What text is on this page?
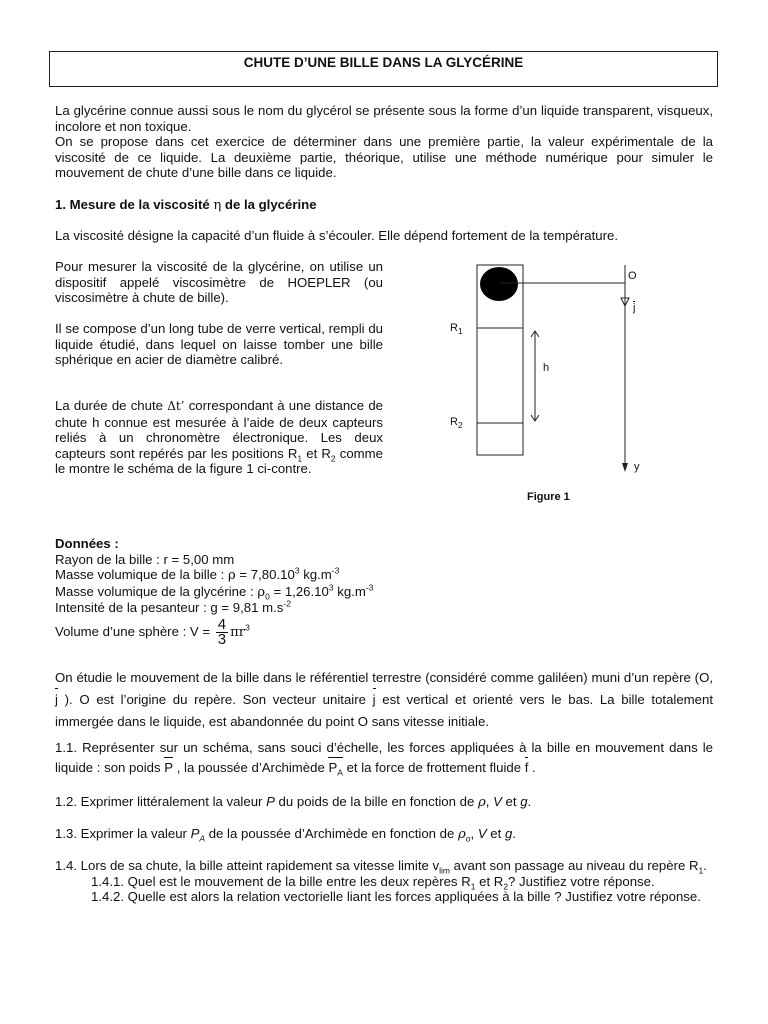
CHUTE D’UNE BILLE DANS LA GLYCÉRINE
La glycérine connue aussi sous le nom du glycérol se présente sous la forme d’un liquide transparent, visqueux, incolore et non toxique.
On se propose dans cet exercice de déterminer dans une première partie, la valeur expérimentale de la viscosité de ce liquide. La deuxième partie, théorique, utilise une méthode numérique pour simuler le mouvement de chute d’une bille dans ce liquide.
1. Mesure de la viscosité η de la glycérine
La viscosité désigne la capacité d’un fluide à s’écouler. Elle dépend fortement de la température.
Pour mesurer la viscosité de la glycérine, on utilise un dispositif appelé viscosimètre de HOEPLER (ou viscosimètre à chute de bille).
Il se compose d’un long tube de verre vertical, rempli du liquide étudié, dans lequel on laisse tomber une bille sphérique en acier de diamètre calibré.
La durée de chute Δt’ correspondant à une distance de chute h connue est mesurée à l’aide de deux capteurs reliés à un chronomètre électronique. Les deux capteurs sont repérés par les positions $R_1$ et $R_2$ comme le montre le schéma de la figure 1 ci-contre.
O
j
$R_1$
h
$R_2$
y
Figure 1
Données :
Rayon de la bille : r = 5,00 mm
Masse volumique de la bille : $\rho = 7,80.10^3$ $kg.m^{-3}$
Masse volumique de la glycérine : $\rho_0 = 1,26.10^3$ $kg.m^{-3}$
Intensité de la pesanteur : g = 9,81 $m.s^{-2}$
Volume d’une sphère : $V = \frac{4}{3} \pi r^3$
On étudie le mouvement de la bille dans le référentiel terrestre (considéré comme galiléen) muni d’un repère (O, j ). O est l’origine du repère. Son vecteur unitaire j est vertical et orienté vers le bas. La bille totalement immergée dans le liquide, est abandonnée du point O sans vitesse initiale.
1.1. Représenter sur un schéma, sans souci d’échelle, les forces appliquées à la bille en mouvement dans le liquide : son poids P , la poussée d’Archimède $P_A$ et la force de frottement fluide f .
1.2. Exprimer littéralement la valeur P du poids de la bille en fonction de ρ, V et g.
1.3. Exprimer la valeur $P_A$ de la poussée d’Archimède en fonction de $\rho_o$, V et g.
1.4. Lors de sa chute, la bille atteint rapidement sa vitesse limite $v_{lim}$ avant son passage au niveau du repère $R_1$.
1.4.1. Quel est le mouvement de la bille entre les deux repères $R_1$ et $R_2$? Justifiez votre réponse.
1.4.2. Quelle est alors la relation vectorielle liant les forces appliquées à la bille ? Justifiez votre réponse.
